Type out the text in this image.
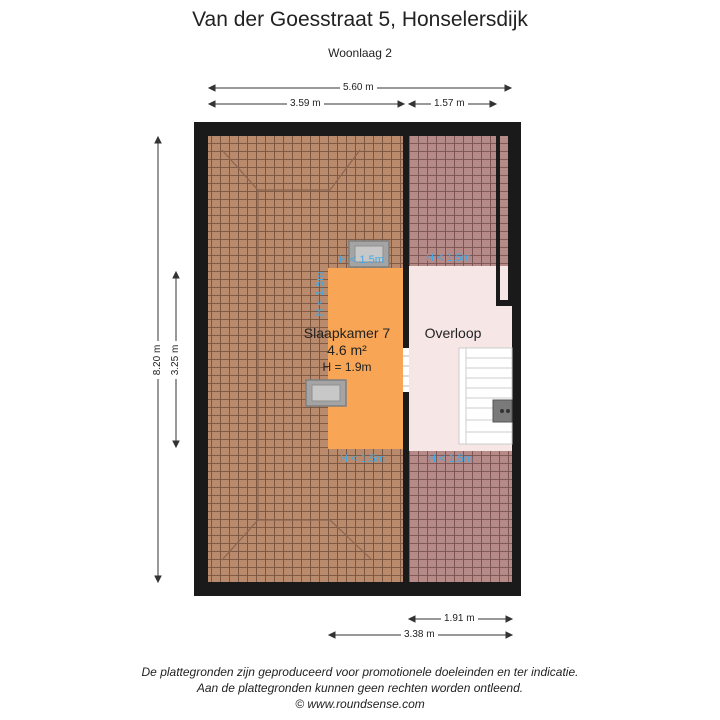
Van der Goesstraat 5, Honselersdijk
Woonlaag 2
5.60 m
3.59 m	1.57 m
8.20 m 3.25 m
1.91 m
3.38 m
Slaapkamer 7
4.6 m²
H = 1.9m
Overloop
H < 1.5m	H < 1.5m
H < 1.5m	H < 1.5m
H < 1.5m
De plattegronden zijn geproduceerd voor promotionele doeleinden en ter indicatie.
Aan de plattegronden kunnen geen rechten worden ontleend.
© www.roundsense.com
